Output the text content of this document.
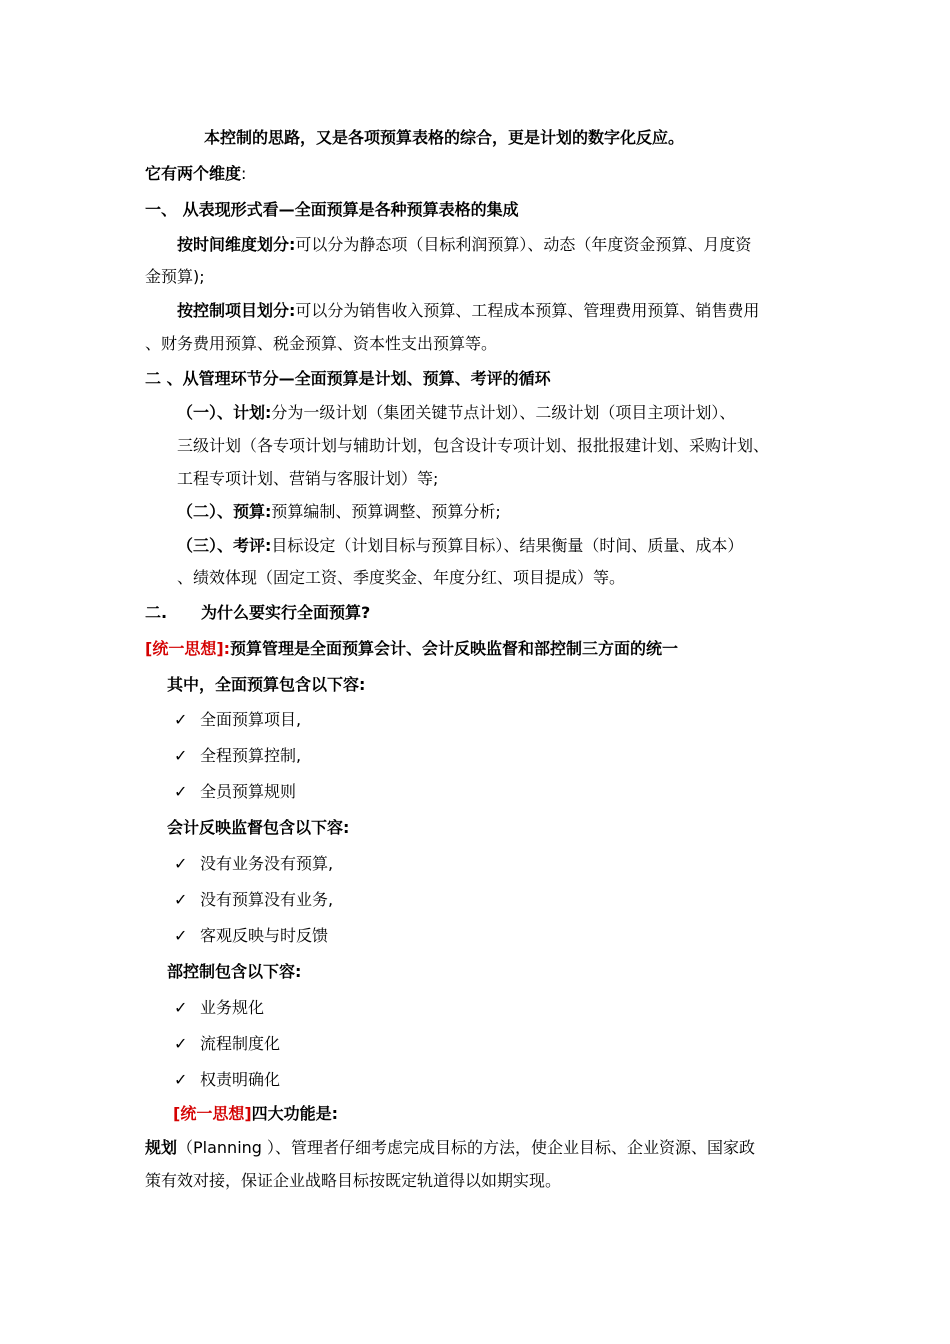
本控制的思路，又是各项预算表格的综合，更是计划的数字化反应。
它有两个维度:
一、 从表现形式看—全面预算是各种预算表格的集成
按时间维度划分:可以分为静态项（目标利润预算）、动态（年度资金预算、月度资
金预算);
按控制项目划分:可以分为销售收入预算、工程成本预算、管理费用预算、销售费用
、财务费用预算、税金预算、资本性支出预算等。
二 、从管理环节分—全面预算是计划、预算、考评的循环
（一）、计划:分为一级计划（集团关键节点计划）、二级计划（项目主项计划）、
三级计划（各专项计划与辅助计划，包含设计专项计划、报批报建计划、采购计划、
工程专项计划、营销与客服计划）等;
（二）、预算:预算编制、预算调整、预算分析;
（三）、考评:目标设定（计划目标与预算目标）、结果衡量（时间、质量、成本）
、绩效体现（固定工资、季度奖金、年度分红、项目提成）等。
二. 为什么要实行全面预算?
[统一思想]:预算管理是全面预算会计、会计反映监督和部控制三方面的统一
其中，全面预算包含以下容:
✓ 全面预算项目,
✓ 全程预算控制,
✓ 全员预算规则
会计反映监督包含以下容:
✓ 没有业务没有预算,
✓ 没有预算没有业务,
✓ 客观反映与时反馈
部控制包含以下容:
✓ 业务规化
✓ 流程制度化
✓ 权责明确化
[统一思想]四大功能是:
规划（Planning ）、管理者仔细考虑完成目标的方法，使企业目标、企业资源、国家政
策有效对接，保证企业战略目标按既定轨道得以如期实现。
